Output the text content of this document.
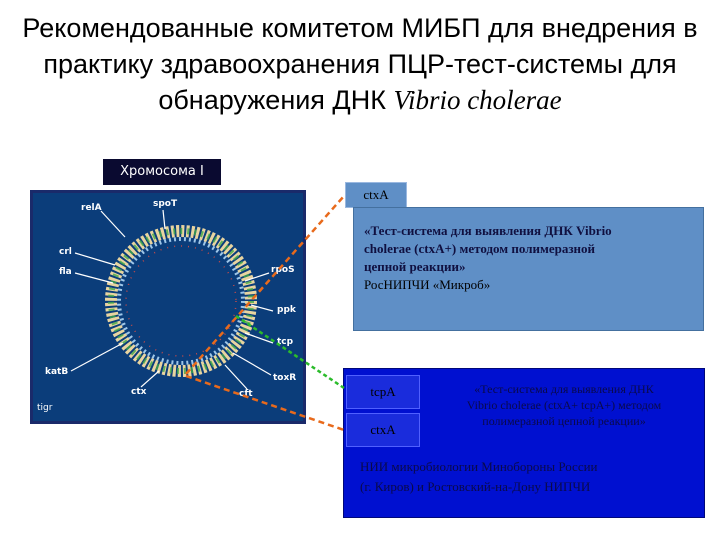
Рекомендованные комитетом МИБП для внедрения в
практику здравоохранения ПЦР-тест-системы для
обнаружения ДНК Vibrio cholerae
Хромосома I
relA	spoT
crl
fla	rpoS
ppk
tcp
toxR
cft
ctx
katB
tigr
ctxA
«Тест-система для выявления ДНК Vibrio
cholerae (ctxA+) методом полимеразной
цепной реакции»
РосНИПЧИ «Микроб»
tcpA
ctxA
«Тест-система для выявления ДНК
Vibrio cholerae (ctxA+ tcpA+) методом
полимеразной цепной реакции»
НИИ микробиологии Минобороны России
(г. Киров) и Ростовский-на-Дону НИПЧИ
